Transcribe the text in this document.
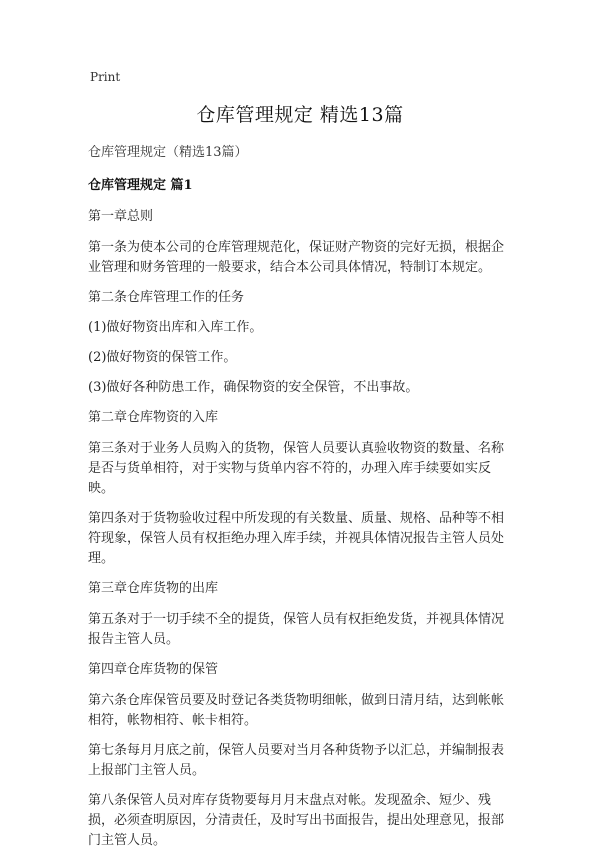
Print
仓库管理规定 精选13篇

仓库管理规定（精选13篇）

仓库管理规定 篇1

第一章总则

第一条为使本公司的仓库管理规范化，保证财产物资的完好无损，根据企业管理和财务管理的一般要求，结合本公司具体情况，特制订本规定。

第二条仓库管理工作的任务

(1)做好物资出库和入库工作。

(2)做好物资的保管工作。

(3)做好各种防患工作，确保物资的安全保管，不出事故。

第二章仓库物资的入库

第三条对于业务人员购入的货物，保管人员要认真验收物资的数量、名称是否与货单相符，对于实物与货单内容不符的，办理入库手续要如实反映。

第四条对于货物验收过程中所发现的有关数量、质量、规格、品种等不相符现象，保管人员有权拒绝办理入库手续，并视具体情况报告主管人员处理。

第三章仓库货物的出库

第五条对于一切手续不全的提货，保管人员有权拒绝发货，并视具体情况报告主管人员。

第四章仓库货物的保管

第六条仓库保管员要及时登记各类货物明细帐，做到日清月结，达到帐帐相符，帐物相符、帐卡相符。

第七条每月月底之前，保管人员要对当月各种货物予以汇总，并编制报表上报部门主管人员。

第八条保管人员对库存货物要每月月末盘点对帐。发现盈余、短少、残损，必须查明原因，分清责任，及时写出书面报告，提出处理意见，报部门主管人员。
